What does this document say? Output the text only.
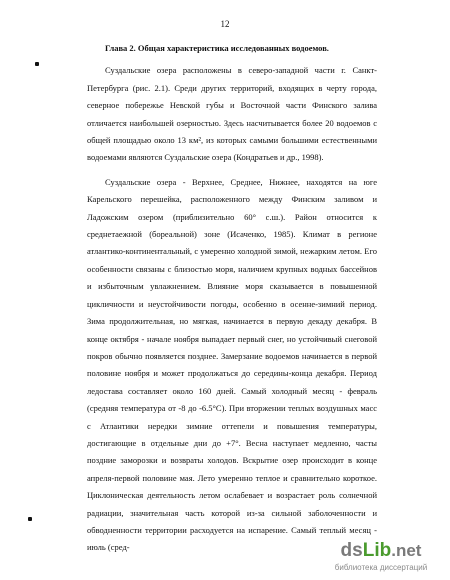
12
Глава 2. Общая характеристика исследованных водоемов.

Суздальские озера расположены в северо-западной части г. Санкт-Петербурга (рис. 2.1). Среди других территорий, входящих в черту города, северное побережье Невской губы и Восточной части Финского залива отличается наибольшей озерностью. Здесь насчитывается более 20 водоемов с общей площадью около 13 км², из которых самыми большими естественными водоемами являются Суздальские озера (Кондратьев и др., 1998).

Суздальские озера - Верхнее, Среднее, Нижнее, находятся на юге Карельского перешейка, расположенного между Финским заливом и Ладожским озером (приблизительно 60° с.ш.). Район относится к среднетаежной (бореальной) зоне (Исаченко, 1985). Климат в регионе атлантико-континентальный, с умеренно холодной зимой, нежарким летом. Его особенности связаны с близостью моря, наличием крупных водных бассейнов и избыточным увлажнением. Влияние моря сказывается в повышенной цикличности и неустойчивости погоды, особенно в осенне-зимний период. Зима продолжительная, но мягкая, начинается в первую декаду декабря. В конце октября - начале ноября выпадает первый снег, но устойчивый снеговой покров обычно появляется позднее. Замерзание водоемов начинается в первой половине ноября и может продолжаться до середины-конца декабря. Период ледостава составляет около 160 дней. Самый холодный месяц - февраль (средняя температура от -8 до -6.5°С). При вторжении теплых воздушных масс с Атлантики нередки зимние оттепели и повышения температуры, достигающие в отдельные дни до +7°. Весна наступает медленно, часты поздние заморозки и возвраты холодов. Вскрытие озер происходит в конце апреля-первой половине мая. Лето умеренно теплое и сравнительно короткое. Циклоническая деятельность летом ослабевает и возрастает роль солнечной радиации, значительная часть которой из-за сильной заболоченности и обводненности территории расходуется на испарение. Самый теплый месяц - июль (сред-	dsLib.net
библиотека диссертаций
